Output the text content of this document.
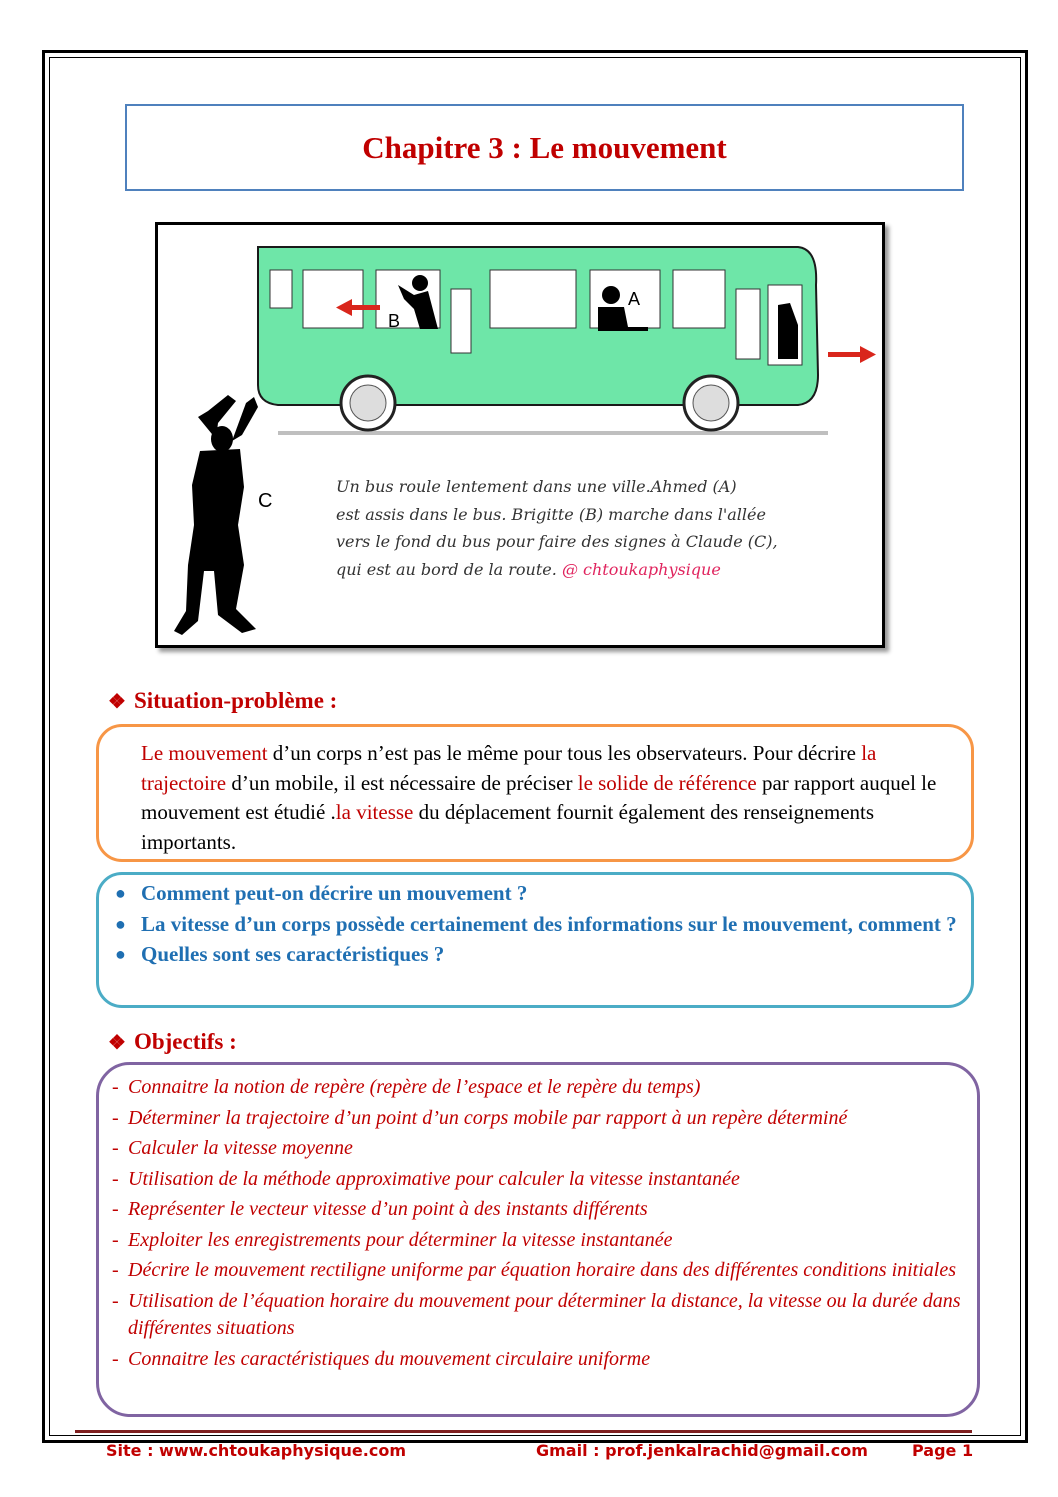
Chapitre 3 : Le mouvement
A
B
C
Un bus roule lentement dans une ville.Ahmed (A)
est assis dans le bus. Brigitte (B) marche dans l'allée
vers le fond du bus pour faire des signes à Claude (C),
qui est au bord de la route. @ chtoukaphysique
❖ Situation-problème :

Le mouvement d’un corps n’est pas le même pour tous les observateurs. Pour décrire la trajectoire d’un mobile, il est nécessaire de préciser le solide de référence par rapport auquel le mouvement est étudié .la vitesse du déplacement fournit également des renseignements importants.

● Comment peut-on décrire un mouvement ?
● La vitesse d’un corps possède certainement des informations sur le mouvement, comment ?
● Quelles sont ses caractéristiques ?
❖ Objectifs :
- Connaitre la notion de repère (repère de l’espace et le repère du temps)
- Déterminer la trajectoire d’un point d’un corps mobile par rapport à un repère déterminé
- Calculer la vitesse moyenne
- Utilisation de la méthode approximative pour calculer la vitesse instantanée
- Représenter le vecteur vitesse d’un point à des instants différents
- Exploiter les enregistrements pour déterminer la vitesse instantanée
- Décrire le mouvement rectiligne uniforme par équation horaire dans des différentes conditions initiales
- Utilisation de l’équation horaire du mouvement pour déterminer la distance, la vitesse ou la durée dans différentes situations
- Connaitre les caractéristiques du mouvement circulaire uniforme
Site : www.chtoukaphysique.com	Gmail : prof.jenkalrachid@gmail.com	Page 1
